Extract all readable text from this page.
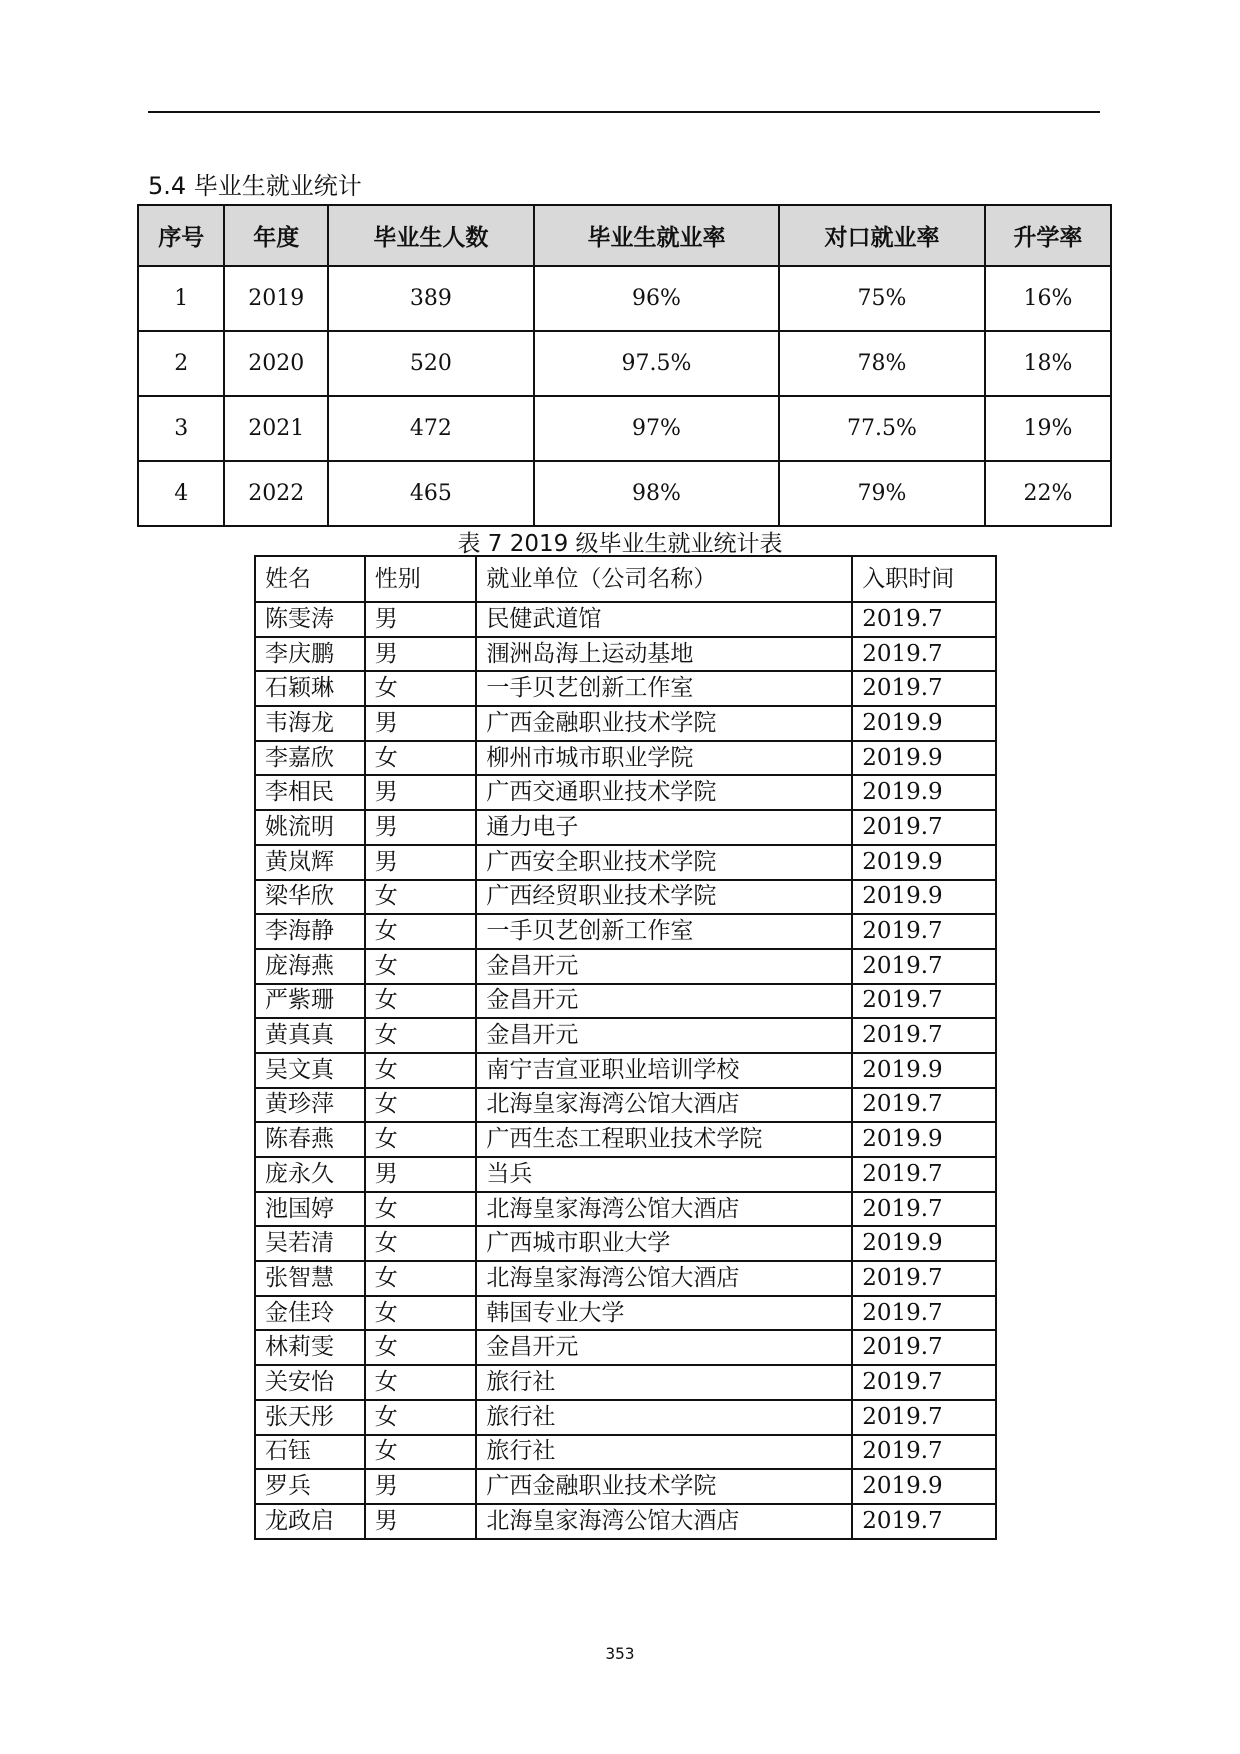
5.4 毕业生就业统计
序号	年度	毕业生人数	毕业生就业率	对口就业率	升学率
1	2019	389	96%	75%	16%
2	2020	520	97.5%	78%	18%
3	2021	472	97%	77.5%	19%
4	2022	465	98%	79%	22%
表 7 2019 级毕业生就业统计表
姓名	性别	就业单位（公司名称）	入职时间
陈雯涛	男	民健武道馆	2019.7
李庆鹏	男	涠洲岛海上运动基地	2019.7
石颖琳	女	一手贝艺创新工作室	2019.7
韦海龙	男	广西金融职业技术学院	2019.9
李嘉欣	女	柳州市城市职业学院	2019.9
李相民	男	广西交通职业技术学院	2019.9
姚流明	男	通力电子	2019.7
黄岚辉	男	广西安全职业技术学院	2019.9
梁华欣	女	广西经贸职业技术学院	2019.9
李海静	女	一手贝艺创新工作室	2019.7
庞海燕	女	金昌开元	2019.7
严紫珊	女	金昌开元	2019.7
黄真真	女	金昌开元	2019.7
吴文真	女	南宁吉宣亚职业培训学校	2019.9
黄珍萍	女	北海皇家海湾公馆大酒店	2019.7
陈春燕	女	广西生态工程职业技术学院	2019.9
庞永久	男	当兵	2019.7
池国婷	女	北海皇家海湾公馆大酒店	2019.7
吴若清	女	广西城市职业大学	2019.9
张智慧	女	北海皇家海湾公馆大酒店	2019.7
金佳玲	女	韩国专业大学	2019.7
林莉雯	女	金昌开元	2019.7
关安怡	女	旅行社	2019.7
张天彤	女	旅行社	2019.7
石钰	女	旅行社	2019.7
罗兵	男	广西金融职业技术学院	2019.9
龙政启	男	北海皇家海湾公馆大酒店	2019.7
353
